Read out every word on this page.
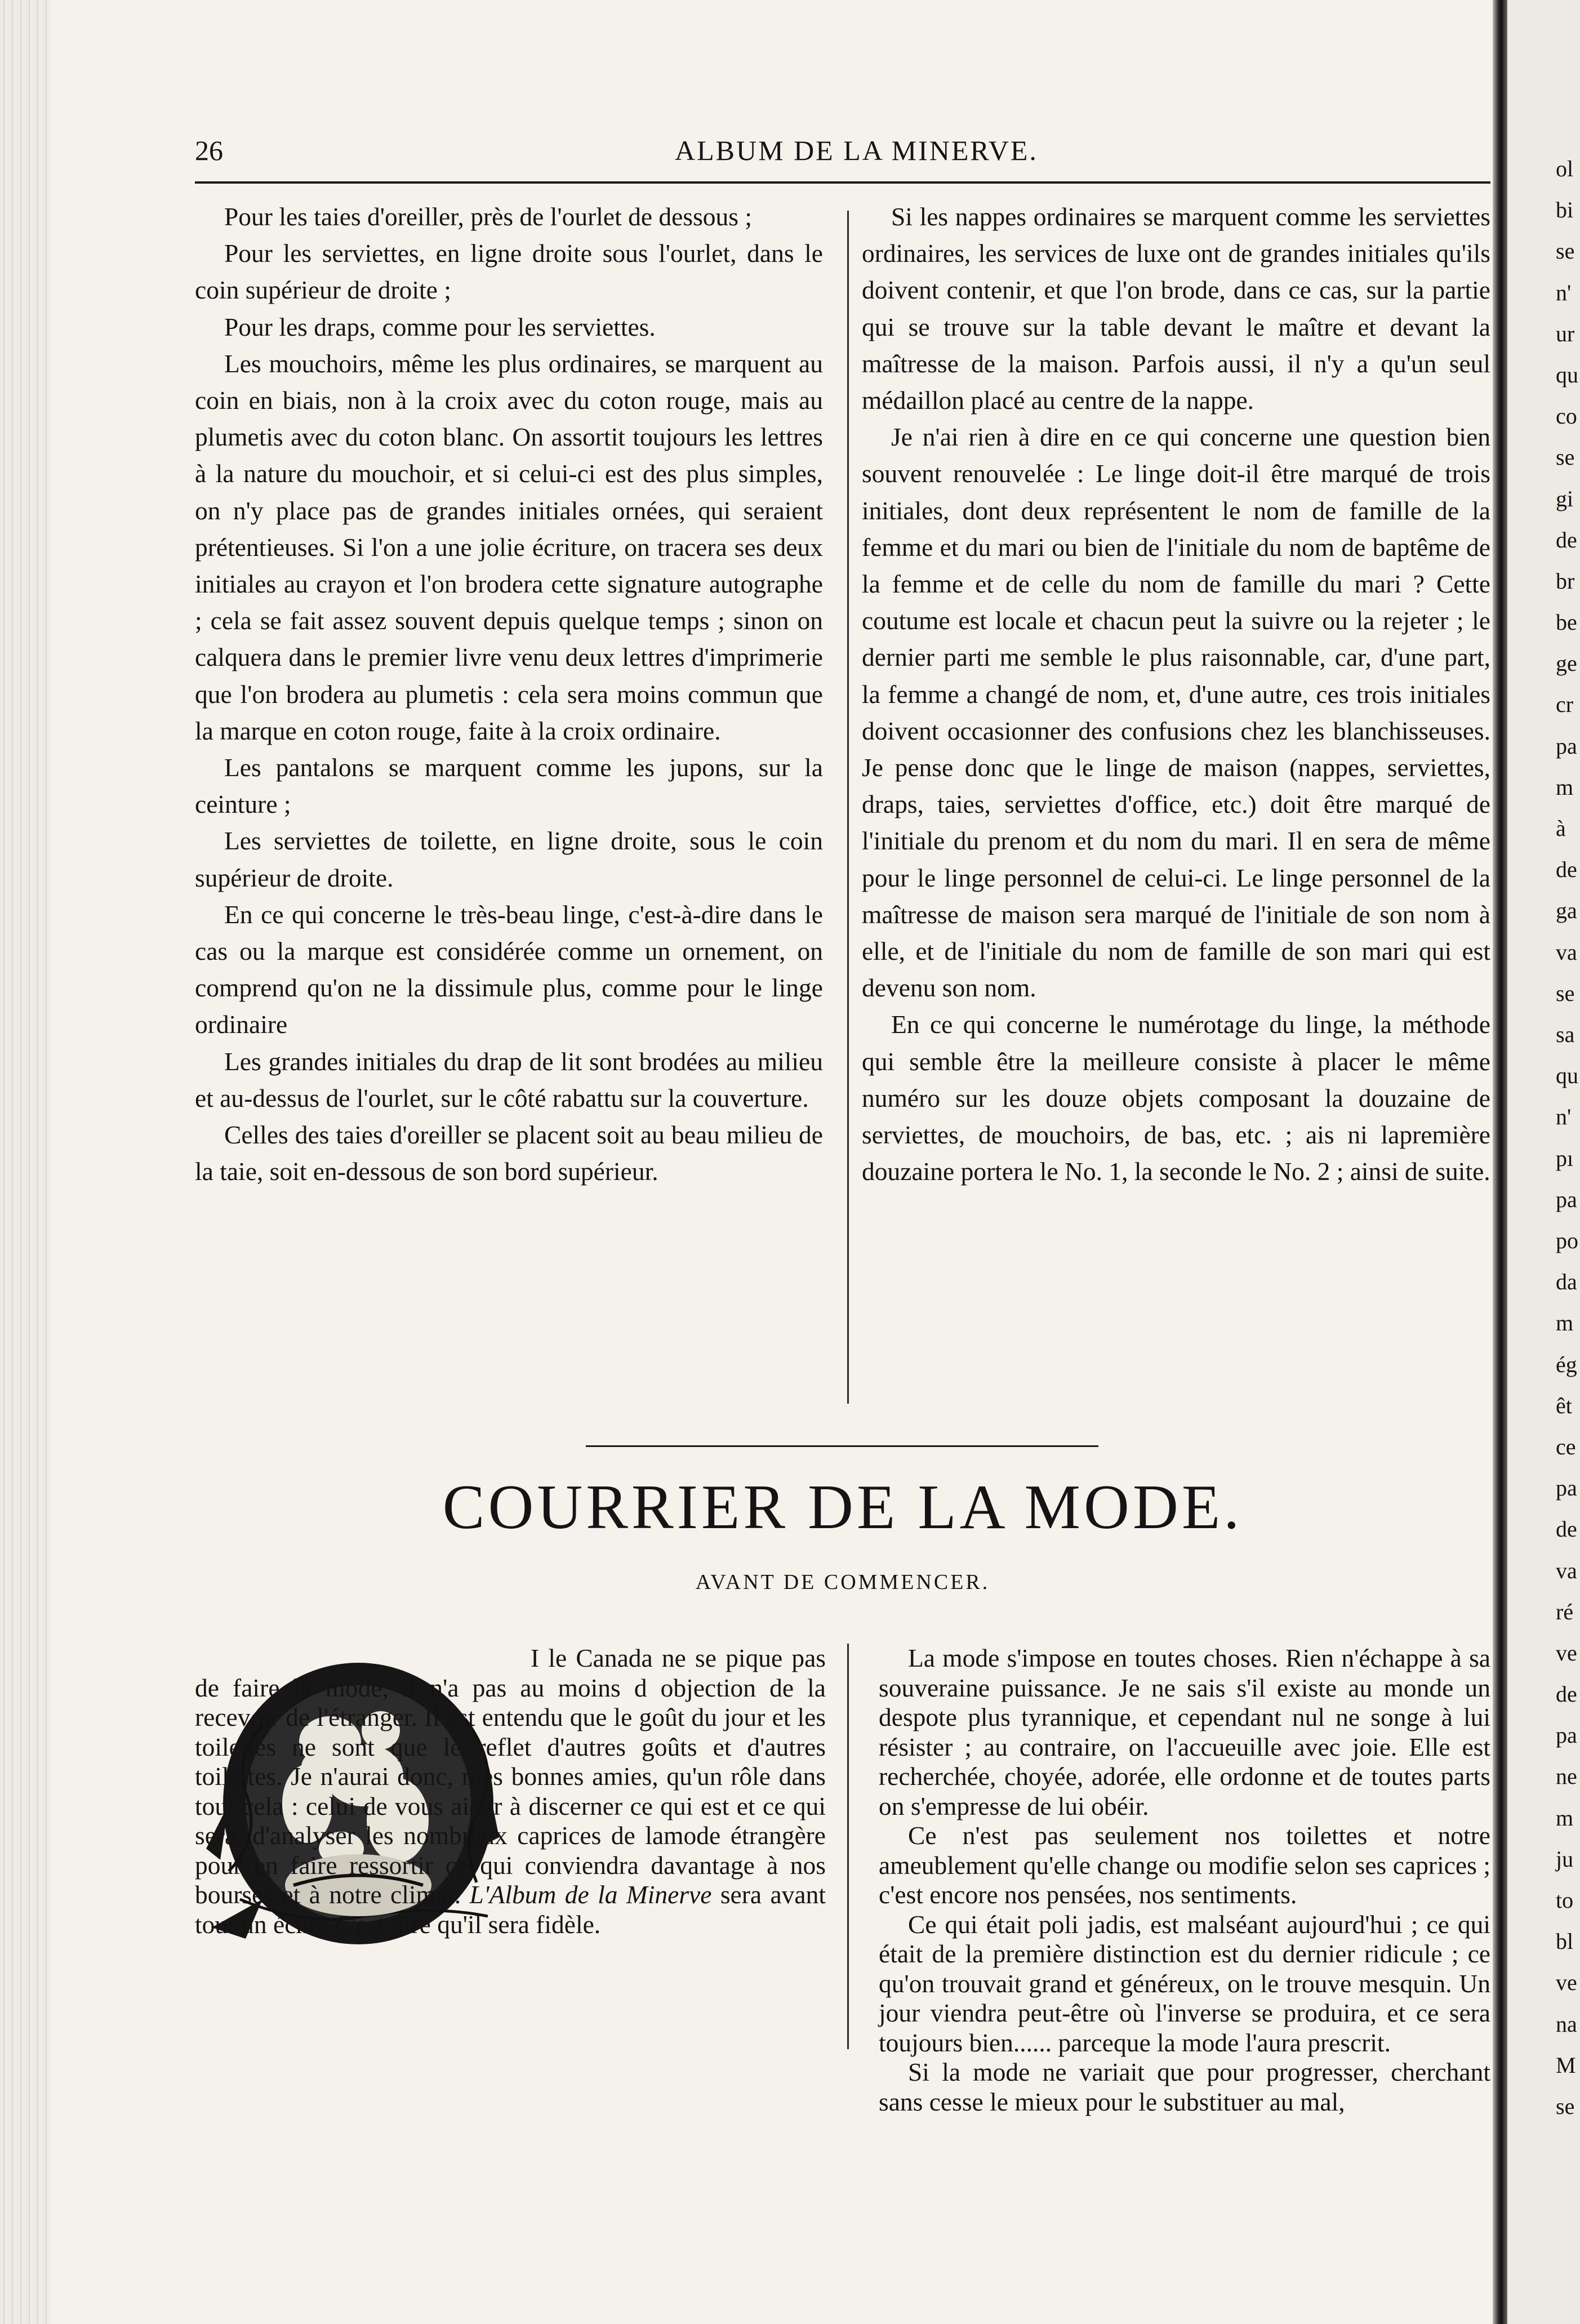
ol
bi
se
n'
ur
qu
co
se
gi
de
br
be
ge
cr
pa
m
à
de
ga
va
se
sa
qu
n'
pı
pa
po
da
m
ég
êt
ce
pa
de
va
ré
ve
de
pa
ne
m
ju
to
bl
ve
na
M
se
26	ALBUM DE LA MINERVE.

Pour les taies d'oreiller, près de l'ourlet de dessous ;

Pour les serviettes, en ligne droite sous l'ourlet, dans le coin supérieur de droite ;

Pour les draps, comme pour les serviettes.

Les mouchoirs, même les plus ordinaires, se marquent au coin en biais, non à la croix avec du coton rouge, mais au plumetis avec du coton blanc. On assortit toujours les lettres à la nature du mouchoir, et si celui-ci est des plus simples, on n'y place pas de grandes initiales ornées, qui seraient prétentieuses. Si l'on a une jolie écriture, on tracera ses deux initiales au crayon et l'on brodera cette signature autographe ; cela se fait assez souvent depuis quelque temps ; sinon on calquera dans le premier livre venu deux lettres d'imprimerie que l'on brodera au plumetis : cela sera moins commun que la marque en coton rouge, faite à la croix ordinaire.

Les pantalons se marquent comme les jupons, sur la ceinture ;

Les serviettes de toilette, en ligne droite, sous le coin supérieur de droite.

En ce qui concerne le très-beau linge, c'est-à-dire dans le cas ou la marque est considérée comme un ornement, on comprend qu'on ne la dissimule plus, comme pour le linge ordinaire

Les grandes initiales du drap de lit sont brodées au milieu et au-dessus de l'ourlet, sur le côté rabattu sur la couverture.

Celles des taies d'oreiller se placent soit au beau milieu de la taie, soit en-dessous de son bord supérieur.

Si les nappes ordinaires se marquent comme les serviettes ordinaires, les services de luxe ont de grandes initiales qu'ils doivent contenir, et que l'on brode, dans ce cas, sur la partie qui se trouve sur la table devant le maître et devant la maîtresse de la maison. Parfois aussi, il n'y a qu'un seul médaillon placé au centre de la nappe.

Je n'ai rien à dire en ce qui concerne une question bien souvent renouvelée : Le linge doit-il être marqué de trois initiales, dont deux représentent le nom de famille de la femme et du mari ou bien de l'initiale du nom de baptême de la femme et de celle du nom de famille du mari ? Cette coutume est locale et chacun peut la suivre ou la rejeter ; le dernier parti me semble le plus raisonnable, car, d'une part, la femme a changé de nom, et, d'une autre, ces trois initiales doivent occasionner des confusions chez les blanchisseuses. Je pense donc que le linge de maison (nappes, serviettes, draps, taies, serviettes d'office, etc.) doit être marqué de l'initiale du prenom et du nom du mari. Il en sera de même pour le linge personnel de celui-ci. Le linge personnel de la maîtresse de maison sera marqué de l'initiale de son nom à elle, et de l'initiale du nom de famille de son mari qui est devenu son nom.

En ce qui concerne le numérotage du linge, la méthode qui semble être la meilleure consiste à placer le même numéro sur les douze objets composant la douzaine de serviettes, de mouchoirs, de bas, etc. ; ais ni lapremière douzaine portera le No. 1, la seconde le No. 2 ; ainsi de suite.

COURRIER DE LA MODE.
AVANT DE COMMENCER.

I le Canada ne se pique pas de faire la mode, il n'a pas au moins d objection de la recevoir de l'étranger. Il est entendu que le goût du jour et les toilettes ne sont que le reflet d'autres goûts et d'autres toilettes. Je n'aurai donc, mes bonnes amies, qu'un rôle dans tout cela : celui de vous aider à discerner ce qui est et ce qui sera, d'analyser les nombreux caprices de lamode étrangère pour en faire ressortir ce qui conviendra davantage à nos bourses et à notre climat. L'Album de la Minerve sera avant tout un écho. C'est dire qu'il sera fidèle.

La mode s'impose en toutes choses. Rien n'échappe à sa souveraine puissance. Je ne sais s'il existe au monde un despote plus tyrannique, et cependant nul ne songe à lui résister ; au contraire, on l'accueuille avec joie. Elle est recherchée, choyée, adorée, elle ordonne et de toutes parts on s'empresse de lui obéir.

Ce n'est pas seulement nos toilettes et notre ameublement qu'elle change ou modifie selon ses caprices ; c'est encore nos pensées, nos sentiments.

Ce qui était poli jadis, est malséant aujourd'hui ; ce qui était de la première distinction est du dernier ridicule ; ce qu'on trouvait grand et généreux, on le trouve mesquin. Un jour viendra peut-être où l'inverse se produira, et ce sera toujours bien...... parceque la mode l'aura prescrit.

Si la mode ne variait que pour progresser, cherchant sans cesse le mieux pour le substituer au mal,
